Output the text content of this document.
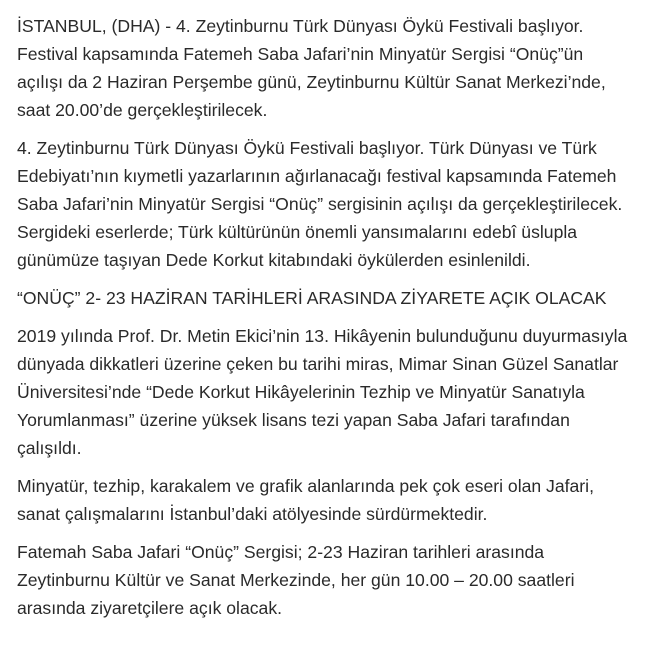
İSTANBUL, (DHA) - 4. Zeytinburnu Türk Dünyası Öykü Festivali başlıyor. Festival kapsamında Fatemeh Saba Jafari’nin Minyatür Sergisi “Onüç”ün açılışı da 2 Haziran Perşembe günü, Zeytinburnu Kültür Sanat Merkezi’nde, saat 20.00’de gerçekleştirilecek.

4. Zeytinburnu Türk Dünyası Öykü Festivali başlıyor. Türk Dünyası ve Türk Edebiyatı’nın kıymetli yazarlarının ağırlanacağı festival kapsamında Fatemeh Saba Jafari’nin Minyatür Sergisi “Onüç” sergisinin açılışı da gerçekleştirilecek. Sergideki eserlerde; Türk kültürünün önemli yansımalarını edebî üslupla günümüze taşıyan Dede Korkut kitabındaki öykülerden esinlenildi.

“ONÜÇ” 2- 23 HAZİRAN TARİHLERİ ARASINDA ZİYARETE AÇIK OLACAK

2019 yılında Prof. Dr. Metin Ekici’nin 13. Hikâyenin bulunduğunu duyurmasıyla dünyada dikkatleri üzerine çeken bu tarihi miras, Mimar Sinan Güzel Sanatlar Üniversitesi’nde “Dede Korkut Hikâyelerinin Tezhip ve Minyatür Sanatıyla Yorumlanması” üzerine yüksek lisans tezi yapan Saba Jafari tarafından çalışıldı.

Minyatür, tezhip, karakalem ve grafik alanlarında pek çok eseri olan Jafari, sanat çalışmalarını İstanbul’daki atölyesinde sürdürmektedir.

Fatemah Saba Jafari “Onüç” Sergisi; 2-23 Haziran tarihleri arasında Zeytinburnu Kültür ve Sanat Merkezinde, her gün 10.00 – 20.00 saatleri arasında ziyaretçilere açık olacak.
